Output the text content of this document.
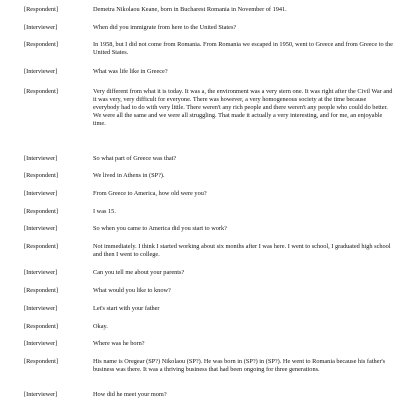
[Respondent]	Demetra Nikolaou Keane, born in Bucharest Romania in November of 1941.
[Interviewer]	When did you immigrate from here to the United States?
[Respondent]	In 1958, but I did not come from Romania. From Romania we escaped in 1950, went to Greece and from Greece to the United States.
[Interviewer]	What was life like in Greece?
[Respondent]	Very different from what it is today. It was a, the environment was a very stern one. It was right after the Civil War and it was very, very difficult for everyone. There was however, a very homogeneous society at the time because everybody had to do with very little. There weren't any rich people and there weren't any people who could do better. We were all the same and we were all struggling. That made it actually a very interesting, and for me, an enjoyable time.
[Interviewer]	So what part of Greece was that?
[Respondent]	We lived in Athens in (SP?).
[Interviewer]	From Greece to America, how old were you?
[Respondent]	I was 15.
[Interviewer]	So when you came to America did you start to work?
[Respondent]	Not immediately. I think I started working about six months after I was here. I went to school, I graduated high school and then I went to college.
[Interviewer]	Can you tell me about your parents?
[Respondent]	What would you like to know?
[Interviewer]	Let's start with your father
[Respondent]	Okay.
[Interviewer]	Where was he born?
[Respondent]	His name is Oregear (SP?) Nikolaou (SP?). He was born in (SP?) in (SP?). He went to Romania because his father's business was there. It was a thriving business that had been ongoing for three generations.
[Interviewer]	How did he meet your mom?
